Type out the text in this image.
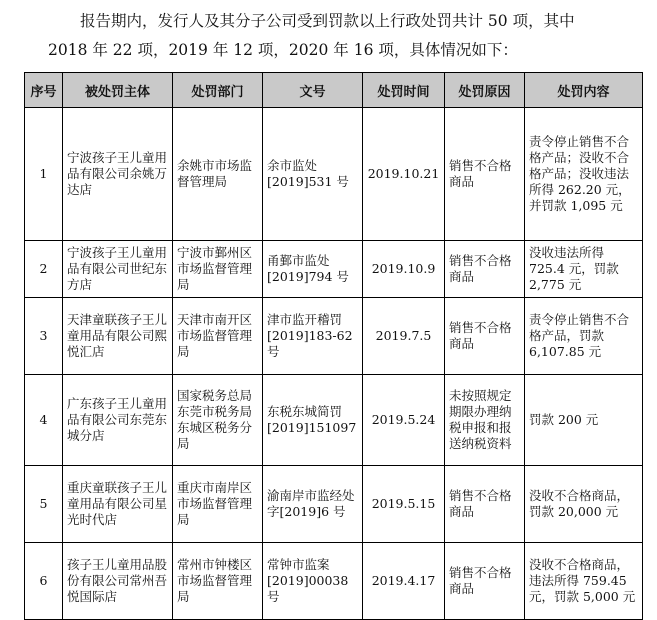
报告期内，发行人及其分子公司受到罚款以上行政处罚共计 50 项，其中

2018 年 22 项，2019 年 12 项，2020 年 16 项，具体情况如下：

序号	被处罚主体	处罚部门	文号	处罚时间	处罚原因	处罚内容
1	宁波孩子王儿童用品有限公司余姚万达店	余姚市市场监督管理局	余市监处[2019]531 号	2019.10.21	销售不合格商品	责令停止销售不合格产品；没收不合格产品；没收违法所得 262.20 元，并罚款 1,095 元
2	宁波孩子王儿童用品有限公司世纪东方店	宁波市鄞州区市场监督管理局	甬鄞市监处[2019]794 号	2019.10.9	销售不合格商品	没收违法所得 725.4 元，罚款 2,775 元
3	天津童联孩子王儿童用品有限公司熙悦汇店	天津市南开区市场监督管理局	津市监开稽罚[2019]183-62 号	2019.7.5	销售不合格商品	责令停止销售不合格产品，罚款 6,107.85 元
4	广东孩子王儿童用品有限公司东莞东城分店	国家税务总局东莞市税务局东城区税务分局	东税东城简罚[2019]151097	2019.5.24	未按照规定期限办理纳税申报和报送纳税资料	罚款 200 元
5	重庆童联孩子王儿童用品有限公司星光时代店	重庆市南岸区市场监督管理局	渝南岸市监经处 字[2019]6 号	2019.5.15	销售不合格商品	没收不合格商品，罚款 20,000 元
6	孩子王儿童用品股份有限公司常州吾悦国际店	常州市钟楼区市场监督管理局	常钟市监案[2019]00038 号	2019.4.17	销售不合格商品	没收不合格商品，违法所得 759.45 元，罚款 5,000 元
